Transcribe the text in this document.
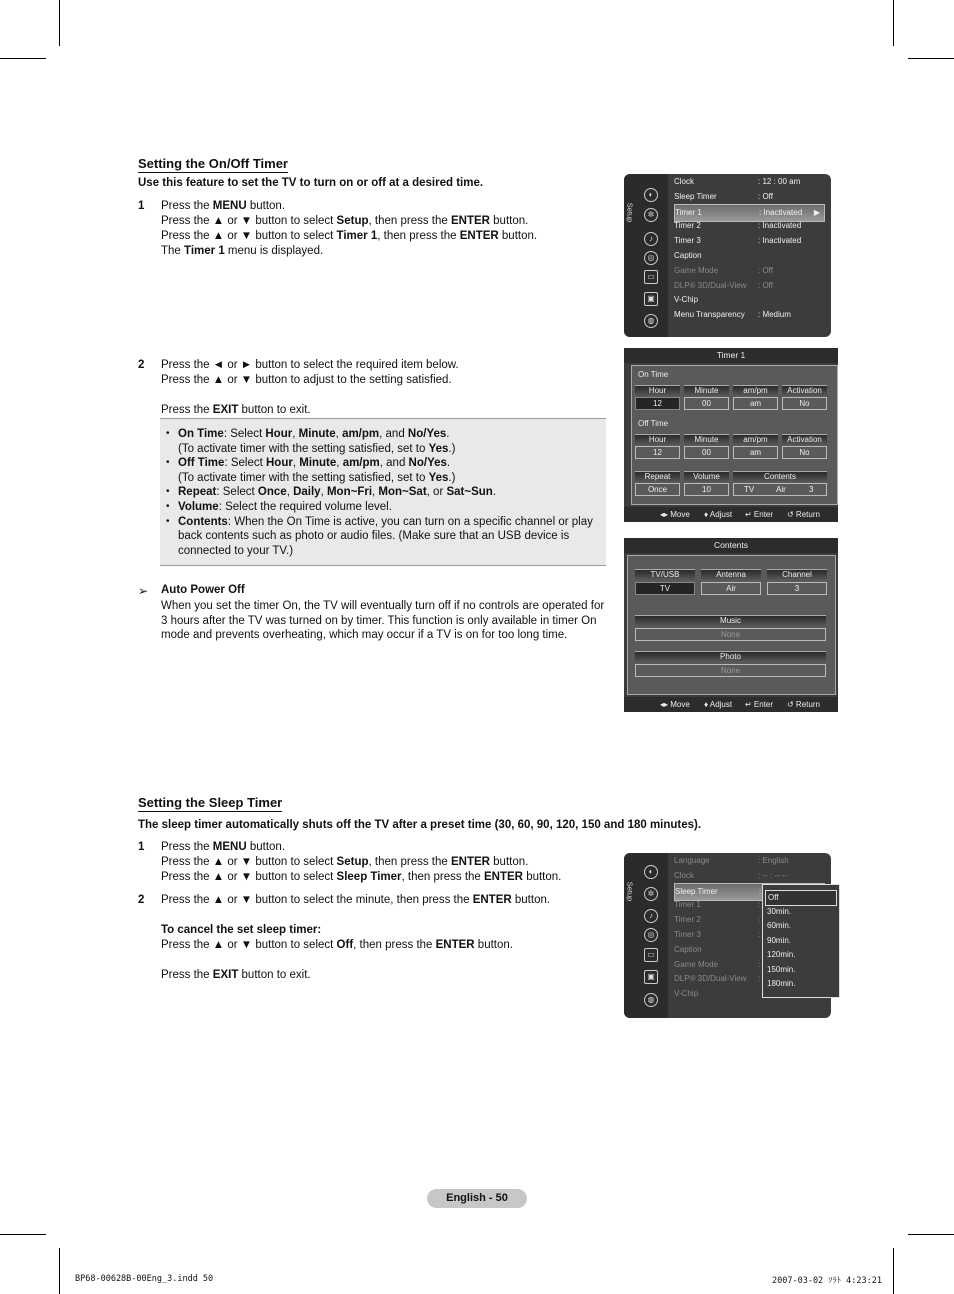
Setting the On/Off Timer
Use this feature to set the TV to turn on or off at a desired time.
1 Press the MENU button.
Press the ▲ or ▼ button to select Setup, then press the ENTER button.
Press the ▲ or ▼ button to select Timer 1, then press the ENTER button.
The Timer 1 menu is displayed.
2 Press the ◄ or ► button to select the required item below.
Press the ▲ or ▼ button to adjust to the setting satisfied.
Press the EXIT button to exit.
• On Time: Select Hour, Minute, am/pm, and No/Yes.
(To activate timer with the setting satisfied, set to Yes.)
• Off Time: Select Hour, Minute, am/pm, and No/Yes.
(To activate timer with the setting satisfied, set to Yes.)
• Repeat: Select Once, Daily, Mon~Fri, Mon~Sat, or Sat~Sun.
• Volume: Select the required volume level.
• Contents: When the On Time is active, you can turn on a specific channel or play
back contents such as photo or audio files. (Make sure that an USB device is
connected to your TV.)
➢ Auto Power Off
When you set the timer On, the TV will eventually turn off if no controls are operated for
3 hours after the TV was turned on by timer. This function is only available in timer On
mode and prevents overheating, which may occur if a TV is on for too long time.
Setup
◐
✲
♪
◎
▭
▣
◍
Clock	: 12 : 00 am
Sleep Timer	: Off
Timer 1	: Inactivated ▶
Timer 2	: Inactivated
Timer 3	: Inactivated
Caption
Game Mode	: Off
DLP® 3D/Dual-View : Off
V-Chip
Menu Transparency : Medium
Timer 1
On Time
Hour	Minute	am/pm	Activation
12	00	am	No
Off Time
Hour	Minute	am/pm	Activation
12	00	am	No
Repeat	Volume	Contents
Once	10	TV	Air	3
◂▸ Move ♦ Adjust ↵ Enter ↺ Return
Contents
TV/USB	Antenna	Channel
TV	Air	3
Music
None
Photo
None
◂▸ Move ♦ Adjust ↵ Enter ↺ Return
Setting the Sleep Timer
The sleep timer automatically shuts off the TV after a preset time (30, 60, 90, 120, 150 and 180 minutes).
1 Press the MENU button.
Press the ▲ or ▼ button to select Setup, then press the ENTER button.
Press the ▲ or ▼ button to select Sleep Timer, then press the ENTER button.
2 Press the ▲ or ▼ button to select the minute, then press the ENTER button.
To cancel the set sleep timer:
Press the ▲ or ▼ button to select Off, then press the ENTER button.
Press the EXIT button to exit.
Setup
◐
✲
♪
◎
▭
▣
◍
Language	: English
Clock	: -- : -- --
Sleep Timer	:
Timer 1	:
Timer 2	:
Timer 3	:
Caption
Game Mode	:
DLP® 3D/Dual-View :
V-Chip
Off
30min.
60min.
90min.
120min.
150min.
180min.
English - 50
BP68-00628B-00Eng_3.indd 50	2007-03-02 ｿﾗﾄ 4:23:21
